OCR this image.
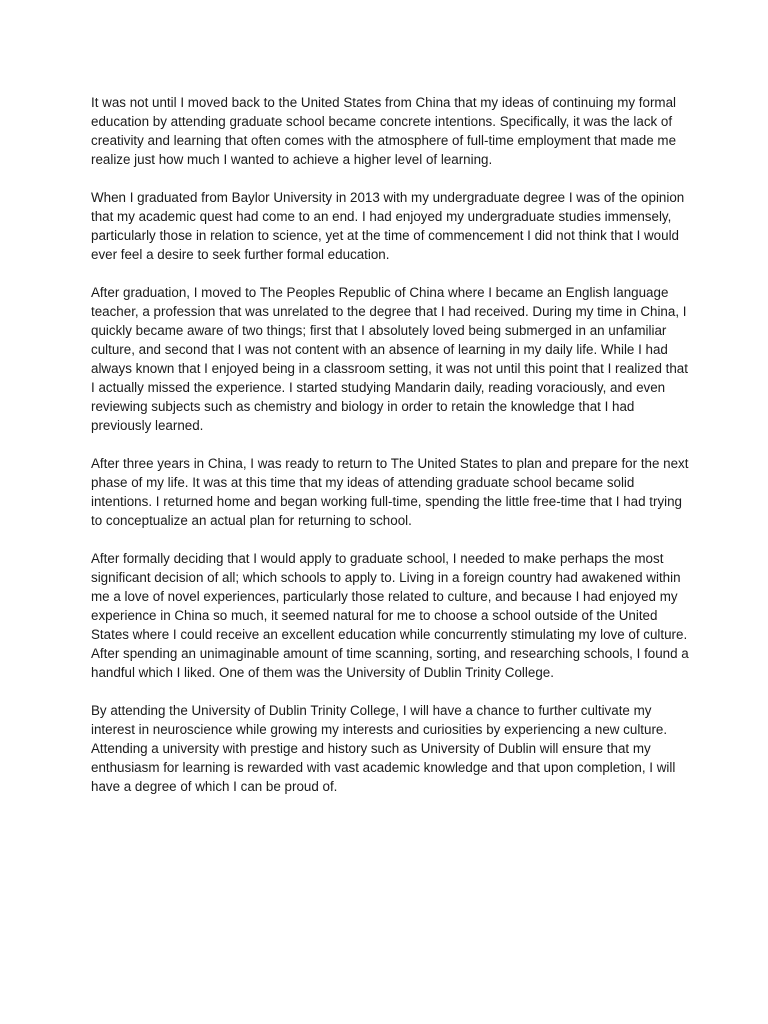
It was not until I moved back to the United States from China that my ideas of continuing my formal education by attending graduate school became concrete intentions. Specifically, it was the lack of creativity and learning that often comes with the atmosphere of full-time employment that made me realize just how much I wanted to achieve a higher level of learning.

When I graduated from Baylor University in 2013 with my undergraduate degree I was of the opinion that my academic quest had come to an end. I had enjoyed my undergraduate studies immensely, particularly those in relation to science, yet at the time of commencement I did not think that I would ever feel a desire to seek further formal education.

After graduation, I moved to The Peoples Republic of China where I became an English language teacher, a profession that was unrelated to the degree that I had received. During my time in China, I quickly became aware of two things; first that I absolutely loved being submerged in an unfamiliar culture, and second that I was not content with an absence of learning in my daily life. While I had always known that I enjoyed being in a classroom setting, it was not until this point that I realized that I actually missed the experience. I started studying Mandarin daily, reading voraciously, and even reviewing subjects such as chemistry and biology in order to retain the knowledge that I had previously learned.

After three years in China, I was ready to return to The United States to plan and prepare for the next phase of my life. It was at this time that my ideas of attending graduate school became solid intentions. I returned home and began working full-time, spending the little free-time that I had trying to conceptualize an actual plan for returning to school.

After formally deciding that I would apply to graduate school, I needed to make perhaps the most significant decision of all; which schools to apply to. Living in a foreign country had awakened within me a love of novel experiences, particularly those related to culture, and because I had enjoyed my experience in China so much, it seemed natural for me to choose a school outside of the United States where I could receive an excellent education while concurrently stimulating my love of culture. After spending an unimaginable amount of time scanning, sorting, and researching schools, I found a handful which I liked. One of them was the University of Dublin Trinity College.

By attending the University of Dublin Trinity College, I will have a chance to further cultivate my interest in neuroscience while growing my interests and curiosities by experiencing a new culture. Attending a university with prestige and history such as University of Dublin will ensure that my enthusiasm for learning is rewarded with vast academic knowledge and that upon completion, I will have a degree of which I can be proud of.
